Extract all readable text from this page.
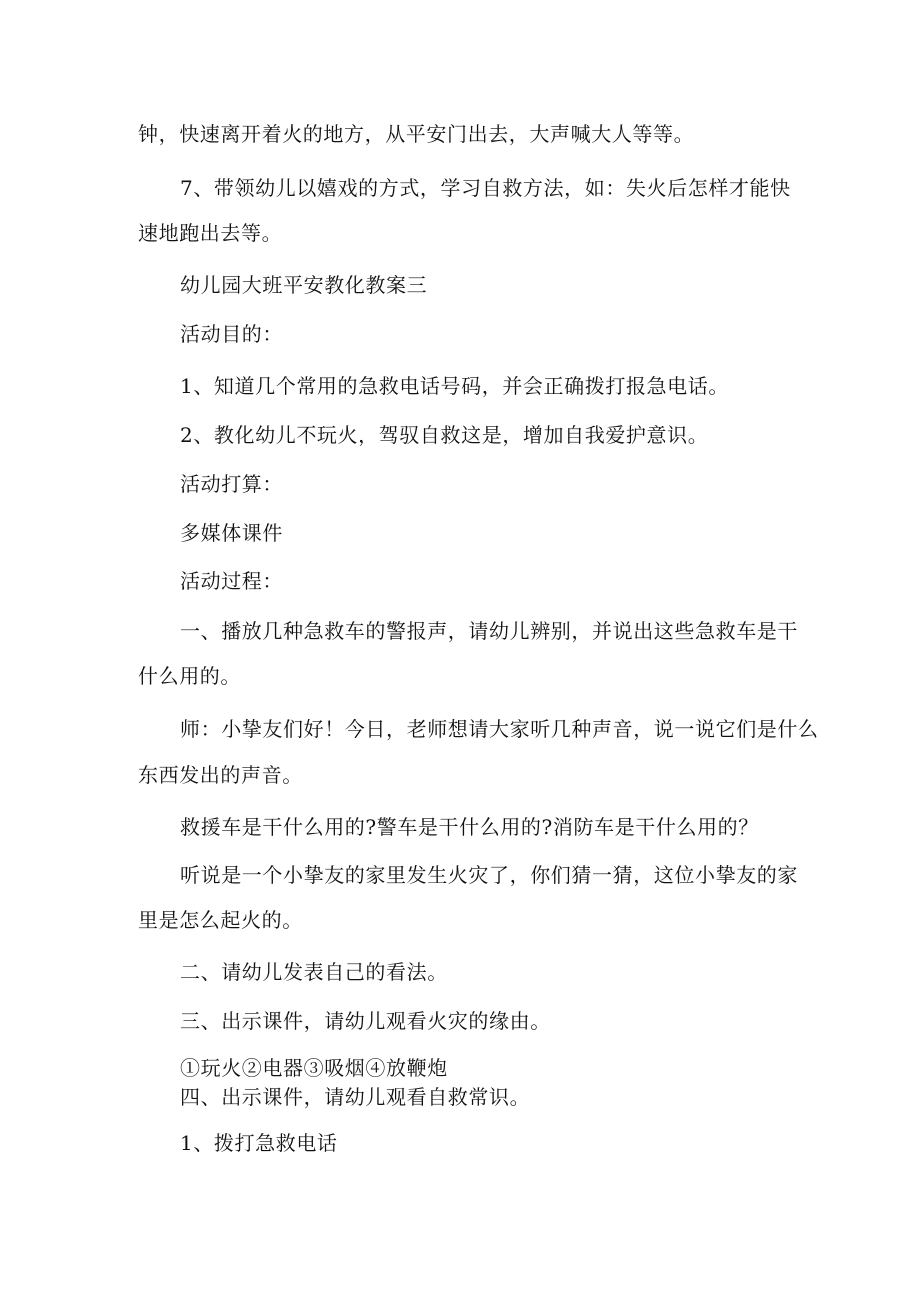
钟，快速离开着火的地方，从平安门出去，大声喊大人等等。
7、带领幼儿以嬉戏的方式，学习自救方法，如：失火后怎样才能快
速地跑出去等。
幼儿园大班平安教化教案三
活动目的：
1、知道几个常用的急救电话号码，并会正确拨打报急电话。
2、教化幼儿不玩火，驾驭自救这是，增加自我爱护意识。
活动打算：
多媒体课件
活动过程：
一、播放几种急救车的警报声，请幼儿辨别，并说出这些急救车是干
什么用的。
师：小挚友们好！今日，老师想请大家听几种声音，说一说它们是什么
东西发出的声音。
救援车是干什么用的?警车是干什么用的?消防车是干什么用的？
听说是一个小挚友的家里发生火灾了，你们猜一猜，这位小挚友的家
里是怎么起火的。
二、请幼儿发表自己的看法。
三、出示课件，请幼儿观看火灾的缘由。
①玩火②电器③吸烟④放鞭炮
四、出示课件，请幼儿观看自救常识。
1、拨打急救电话
